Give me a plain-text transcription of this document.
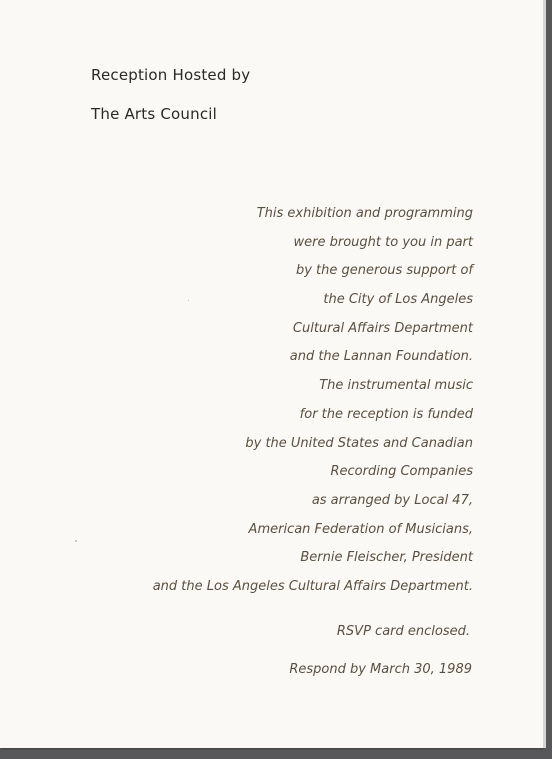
Reception Hosted by
The Arts Council
This exhibition and programming
were brought to you in part
by the generous support of
the City of Los Angeles
Cultural Affairs Department
and the Lannan Foundation.
The instrumental music
for the reception is funded
by the United States and Canadian
Recording Companies
as arranged by Local 47,
American Federation of Musicians,
Bernie Fleischer, President
and the Los Angeles Cultural Affairs Department.
RSVP card enclosed.
Respond by March 30, 1989
